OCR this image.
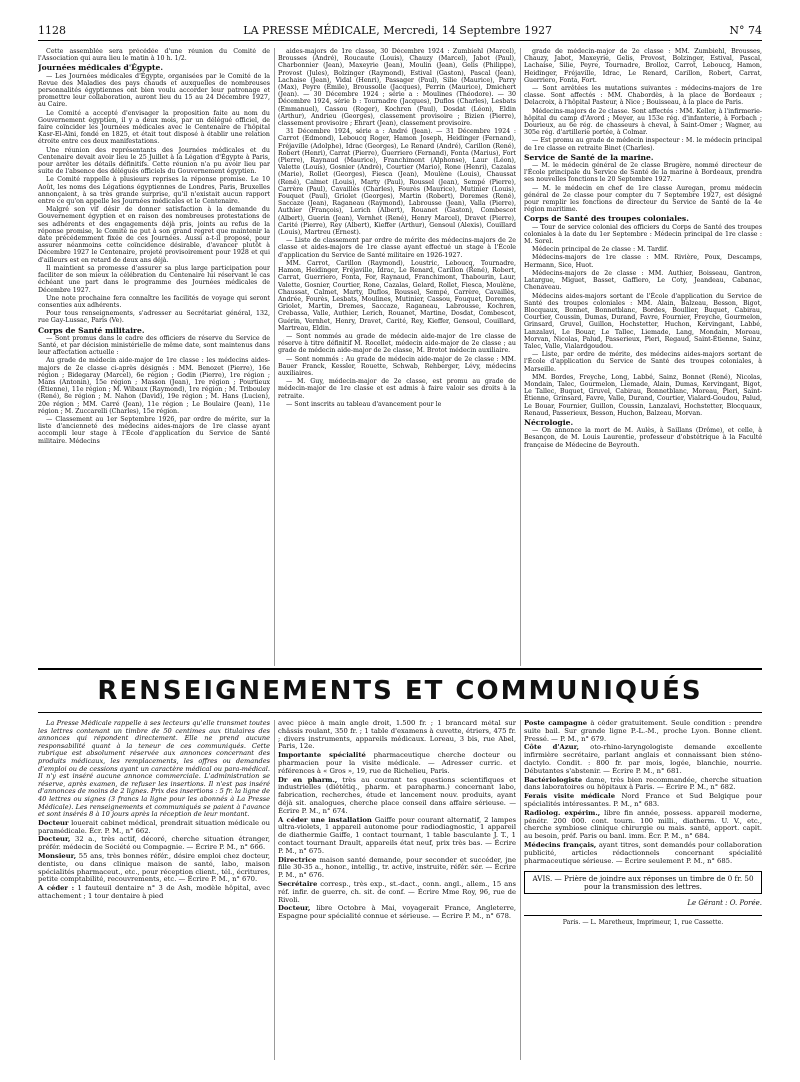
1128	LA PRESSE MÉDICALE, Mercredi, 14 Septembre 1927	N° 74

Cette assemblée sera précédée d'une réunion du Comité de l'Association qui aura lieu le matin à 10 h. 1/2.

Journées médicales d'Égypte.

— Les Journées médicales d'Égypte, organisées par le Comité de la Revue des Maladies des pays chauds et auxquelles de nombreuses personnalités égyptiennes ont bien voulu accorder leur patronage et promettre leur collaboration, auront lieu du 15 au 24 Décembre 1927, au Caire.

Le Comité a accepté d'envisager la proposition faite au nom du Gouvernement égyptien, il y a deux mois, par un délégué officiel, de faire coïncider les Journées médicales avec le Centenaire de l'hôpital Kasr-El-Aïni, fondé en 1825, et était tout disposé à établir une relation étroite entre ces deux manifestations.

Une réunion des représentants des Journées médicales et du Centenaire devait avoir lieu le 25 Juillet à la Légation d'Égypte à Paris, pour arrêter les détails définitifs. Cette réunion n'a pu avoir lieu par suite de l'absence des délégués officiels du Gouvernement égyptien.

Le Comité rappelle à plusieurs reprises la réponse promise. Le 10 Août, les noms des Légations égyptiennes de Londres, Paris, Bruxelles annonçaient, à sa très grande surprise, qu'il n'existait aucun rapport entre ce qu'on appelle les Journées médicales et le Centenaire.

Malgré son vif désir de donner satisfaction à la demande du Gouvernement égyptien et en raison des nombreuses protestations de ses adhérents et des engagements déjà pris, joints au refus de la réponse promise, le Comité ne put à son grand regret que maintenir la date précédemment fixée de ces Journées. Aussi a-t-il proposé, pour assurer néanmoins cette coïncidence désirable, d'avancer plutôt à Décembre 1927 le Centenaire, projeté provisoirement pour 1928 et qui d'ailleurs est en retard de deux ans déjà.

Il maintient sa promesse d'assurer sa plus large participation pour faciliter de son mieux la célébration du Centenaire lui réservant le cas échéant une part dans le programme des Journées médicales de Décembre 1927.

Une note prochaine fera connaître les facilités de voyage qui seront consenties aux adhérents.

Pour tous renseignements, s'adresser au Secrétariat général, 132, rue Gay-Lussac, Paris (Ve).

Corps de Santé militaire.

— Sont promus dans le cadre des officiers de réserve du Service de Santé, et par décision ministérielle de même date, sont maintenus dans leur affectation actuelle :

Au grade de médecin aide-major de 1re classe : les médecins aides-majors de 2e classe ci-après désignés : MM. Benozet (Pierre), 16e région ; Bidegaray (Marcel), 6e région ; Godin (Pierre), 1re région ; Mans (Antonin), 15e région ; Masson (Jean), 1re région ; Pourtieux (Étienne), 11e région ; M. Wibaux (Raymond), 1re région ; M. Tribouley (René), 8e région ; M. Nahon (David), 19e région ; M. Hans (Lucien), 20e région ; MM. Carré (Jean), 11e région ; Le Boulaire (Jean), 11e région ; M. Zuccarelli (Charles), 15e région.

— Classement au 1er Septembre 1926, par ordre de mérite, sur la liste d'ancienneté des médecins aides-majors de 1re classe ayant accompli leur stage à l'École d'application du Service de Santé militaire. Médecins

aides-majors de 1re classe, 30 Décembre 1924 : Zumbiehl (Marcel), Brousses (André), Roucaute (Louis), Chauzy (Marcel), Jabot (Paul), Charbonnier (Jean), Maxeyrie (Jean), Moulin (Jean), Gelis (Philippe), Provost (Jules), Bolzinger (Raymond), Estival (Gaston), Pascal (Jean), Lachaise (Jean), Vidal (Henri), Passager (Paul), Silie (Maurice), Parry (Max), Peyre (Émile), Broussolle (Jacques), Perrin (Maurice), Dmichert (Jean). — 30 Décembre 1924 ; série a : Moulines (Théodore). — 30 Décembre 1924, série b : Tournadre (Jacques), Duflos (Charles), Lesbats (Emmanuel), Cassou (Roger), Kochren (Paul), Dosdat (Léon), Eldin (Arthur), Andrieu (Georges), classement provisoire ; Bizien (Pierre), classement provisoire ; Ehrart (Jean), classement provisoire.

31 Décembre 1924, série a : André (Jean). — 31 Décembre 1924 : Carrot (Edmond), Leboucq Roger, Hamon Joseph, Heidinger (Fernand), Fréjaville (Adolphe), Idrac (Georges), Le Renard (André), Carillon (René), Robert (Henri), Carrat (Pierre), Guerriero (Fernand), Fonta (Marius), Fort (Pierre), Raynaud (Maurice), Franchimont (Alphonse), Laur (Léon), Valette (Louis), Gosnier (André), Courtier (Mario), Rone (Henri), Cazalas (Marie), Rollet (Georges), Fiesca (Jean), Moulène (Louis), Chaussat (René), Calmet (Louis), Marty (Paul), Roussel (Jean), Sempé (Pierre), Carrère (Paul), Cavaillès (Charles), Fourès (Maurice), Mutinier (Louis), Fouquet (Paul), Griolet (Georges), Martin (Robert), Doremes (René), Saccaze (Jean), Raganeau (Raymond), Labrousse (Jean), Valla (Pierre), Authier (François), Lerich (Albert), Rouanet (Gaston), Combescot (Albert), Guerin (Jean), Vernhet (René), Henry Marcel), Dravet (Pierre), Carité (Pierre), Rey (Albert), Kieffer (Arthur), Gensoul (Alexis), Couillard (Louis), Martreu (Ernest).

— Liste de classement par ordre de mérite des médecins-majors de 2e classe et aides-majors de 1re classe ayant effectué un stage à l'École d'application du Service de Santé militaire en 1926-1927.

MM. Carrot, Carillon (Raymond), Loustric, Leboucq, Tournadre, Hamon, Heidinger, Fréjaville, Idrac, Le Renard, Carillon (René), Robert, Carrat, Guerriero, Fonta, For, Raynaud, Franchimont, Thabourin, Laur, Valette, Gosnier, Courtier, Rone, Cazalas, Gelard, Rollet, Fiesca, Moulène, Chaussat, Calmet, Marty, Duflos, Roussel, Sempé, Carrère, Cavaillès, Andrée, Fourès, Lesbats, Moulines, Mutinier, Cassou, Fouquet, Doremes, Griolet, Martin, Dremes, Saccaze, Raganeau, Labrousse, Kochren, Crebassa, Valle, Authier, Lerich, Rouanet, Martine, Dosdat, Combescot, Guérin, Vernhet, Henry, Dravet, Carité, Rey, Kieffer, Gensoul, Couillard, Martreau, Eldin.

— Sont nommés au grade de médecin aide-major de 1re classe de réserve à titre définitif M. Rocellet, médecin aide-major de 2e classe ; au grade de médecin aide-major de 2e classe, M. Brotot médecin auxiliaire.

— Sont nommés : Au grade de médecin aide-major de 2e classe : MM. Bauer Franck, Kessler, Rouette, Schwab, Rehberger, Lévy, médecins auxiliaires.

— M. Guy, médecin-major de 2e classe, est promu au grade de médecin-major de 1re classe et est admis à faire valoir ses droits à la retraite.

— Sont inscrits au tableau d'avancement pour le

grade de médecin-major de 2e classe : MM. Zumbiehl, Brousses, Chauzy, Jabot, Maxeyrie, Gelis, Provost, Bolzinger, Estival, Pascal, Lachaise, Silie, Peyre, Tournadre, Brolloz, Carrot, Leboucq, Hamon, Heidinger, Fréjaville, Idrac, Le Renard, Carillon, Robert, Carrat, Guerriero, Fonta, Fort.

— Sont arrêtées les mutations suivantes : médecins-majors de 1re classe. Sont affectés : MM. Chabordès, à la place de Bordeaux ; Delacroix, à l'hôpital Pasteur, à Nice ; Bouisseau, à la place de Paris.

Médecins-majors de 2e classe. Sont affectés : MM. Keller, à l'infirmerie-hôpital du camp d'Avord ; Meyer, au 153e rég. d'infanterie, à Forbach ; Dourieux, au 6e rég. de chasseurs à cheval, à Saint-Omer ; Wagner, au 305e rég. d'artillerie portée, à Colmar.

— Est promu au grade de médecin inspecteur : M. le médecin principal de 1re classe en retraite Binet (Charles).

Service de Santé de la marine.

— M. le médecin général de 2e classe Brugère, nommé directeur de l'École principale du Service de Santé de la marine à Bordeaux, prendra ses nouvelles fonctions le 20 Septembre 1927.

— M. le médecin en chef de 1re classe Auregan, promu médecin général de 2e classe pour compter du 7 Septembre 1927, est désigné pour remplir les fonctions de directeur du Service de Santé de la 4e région maritime.

Corps de Santé des troupes coloniales.

— Tour de service colonial des officiers du Corps de Santé des troupes coloniales à la date du 1er Septembre : Médecin principal de 1re classe : M. Sorel.

Médecin principal de 2e classe : M. Tardif.

Médecins-majors de 1re classe : MM. Rivière, Poux, Descamps, Hermann, Sice, Huot.

Médecins-majors de 2e classe : MM. Authier, Boisseau, Gantron, Latargue, Miguet, Basset, Gaffiero, Le Coty, Jeandeau, Cabanac, Chenaveau.

Médecins aides-majors sortant de l'École d'application du Service de Santé des troupes coloniales : MM. Alain, Balzeau, Besson, Bigot, Blocquaux, Bonnet, Bonnetblanc, Bordes, Boullier, Buquet, Cabirau, Courtier, Coussin, Dumas, Durand, Favre, Fournier, Freyche, Gourmelon, Grinsard, Gruvel, Guillon, Hochstetter, Huchon, Kervingant, Labbé, Lanzalavi, Le Bouar, Le Tallec, Liemade, Lang, Mondain, Moreau, Morvan, Nicolas, Palud, Passerieux, Pieri, Regaud, Saint-Étienne, Sainz, Talec, Valle, Vialardgoudou.

— Liste, par ordre de mérite, des médecins aides-majors sortant de l'École d'application du Service de Santé des troupes coloniales, à Marseille.

MM. Bordes, Freyche, Long, Labbé, Sainz, Bonnet (René), Nicolas, Mondain, Talec, Gourmelon, Liemade, Alain, Dumas, Kervingant, Bigot, Le Tallec, Buquet, Gruvel, Cabirau, Bonnetblanc, Moreau, Pieri, Saint-Étienne, Grinsard, Favre, Valle, Durand, Courtier, Vialard-Goudou, Palud, Le Bouar, Fournier, Guillon, Coussin, Lanzalavi, Hochstetter, Blocquaux, Renaud, Passerieux, Besson, Huchon, Balzeau, Morvan.

Nécrologie.

— On annonce la mort de M. Aulès, à Saillans (Drôme), et celle, à Besançon, de M. Louis Laurentie, professeur d'obstétrique à la Faculté française de Médecine de Beyrouth.

RENSEIGNEMENTS ET COMMUNIQUÉS

La Presse Médicale rappelle à ses lecteurs qu'elle transmet toutes les lettres contenant un timbre de 50 centimes aux titulaires des annonces qui répondent directement. Elle ne prend aucune responsabilité quant à la teneur de ces communiqués. Cette rubrique est absolument réservée aux annonces concernant des produits médicaux, les remplacements, les offres ou demandes d'emploi ou de cessions ayant un caractère médical ou para-médical. Il n'y est inséré aucune annonce commerciale. L'administration se réserve, après examen, de refuser les insertions. Il n'est pas inséré d'annonces de moins de 2 lignes. Prix des insertions : 5 fr. la ligne de 40 lettres ou signes (3 francs la ligne pour les abonnés à La Presse Médicale). Les renseignements et communiqués se paient à l'avance et sont insérés 8 à 10 jours après la réception de leur montant.

Docteur louerait cabinet médical, prendrait situation médicale ou paramédicale. Écr. P. M., n° 662.

Docteur, 32 a., très actif, décoré, cherche situation étranger, préfér. médecin de Société ou Compagnie. — Écrire P. M., n° 666.

Monsieur, 55 ans, très bonnes référ., désire emploi chez docteur, dentiste, ou dans clinique maison de santé, labo, maison spécialités pharmaceut., etc., pour réception client., tél., écritures, petite comptabilité, recouvrements, etc. — Écrire P. M., n° 670.

A céder : 1 fauteuil dentaire n° 3 de Ash, modèle hôpital, avec attachement ; 1 tour dentaire à pied

avec pièce à main angle droit, 1.500 fr. ; 1 brancard métal sur châssis roulant, 350 fr. ; 1 table d'examens à cuvette, étriers, 475 fr. ; divers instruments, appareils médicaux. Loreau, 3 bis, rue Abel, Paris, 12e.

Importante spécialité pharmaceutique cherche docteur ou pharmacien pour la visite médicale. — Adresser curric. et références à « Gros », 19, rue de Richelieu, Paris.

Dr en pharm., très au courant tes questions scientifiques et industrielles (diététiq., pharm. et parapharm.) concernant labo, fabrication, recherches, étude et lancement nouv. produits, ayant déjà sit. analogues, cherche place conseil dans affaire sérieuse. — Écrire P. M., n° 674.

A céder une installation Gaiffe pour courant alternatif, 2 lampes ultra-violets, 1 appareil autonome pour radiodiagnostic, 1 appareil de diathermie Gaiffe, 1 contact tournant, 1 table basculante J. T., 1 contact tournant Drault, appareils état neuf, prix très bas. — Écrire P. M., n° 675.

Directrice maison santé demande, pour seconder et succéder, jne fille 30-35 a., honor., intellig., tr. active, instruite, référ. sér. — Écrire P. M., n° 676.

Secrétaire corresp., très exp., st.-dact., conn. angl., allem., 15 ans réf. infir. de guerre, ch. sit. de conf. — Écrire Mme Roy, 96, rue de Rivoli.

Docteur, libre Octobre à Mai, voyagerait France, Angleterre, Espagne pour spécialité connue et sérieuse. — Écrire P. M., n° 678.

Poste campagne à céder gratuitement. Seule condition : prendre suite bail. Sur grande ligne P.-L.-M., proche Lyon. Bonne client. Pressé. — P. M., n° 679.

Côte d'Azur, oto-rhino-laryngologiste demande excellente infirmière secrétaire, parlant anglais et connaissant bien sténo-dactylo. Condit. : 800 fr. par mois, logée, blanchie, nourrie. Débutantes s'abstenir. — Écrire P. M., n° 681.

Bactériologiste dame, très bien recommandée, cherche situation dans laboratoires ou hôpitaux à Paris. — Écrire P. M., n° 682.

Ferais visite médicale Nord France et Sud Belgique pour spécialités intéressantes. P. M., n° 683.

Radiolog. expérim., libre fin année, possess. appareil moderne, pénétr. 200 000. cont. tourn. 100 milli., diatherm. U. V., etc., cherche symbiose clinique chirurgie ou mais. santé, apport. capit. au besoin, préf. Paris ou banl. imm. Écr. P. M., n° 684.

Médecins français, ayant titres, sont demandés pour collaboration publicité, articles rédactionnels concernant spécialité pharmaceutique sérieuse. — Écrire seulement P. M., n° 685.

AVIS. — Prière de joindre aux réponses un timbre de 0 fr. 50 pour la transmission des lettres.
Le Gérant : O. Porée.
Paris. — L. Maretheux, Imprimeur, 1, rue Cassette.
